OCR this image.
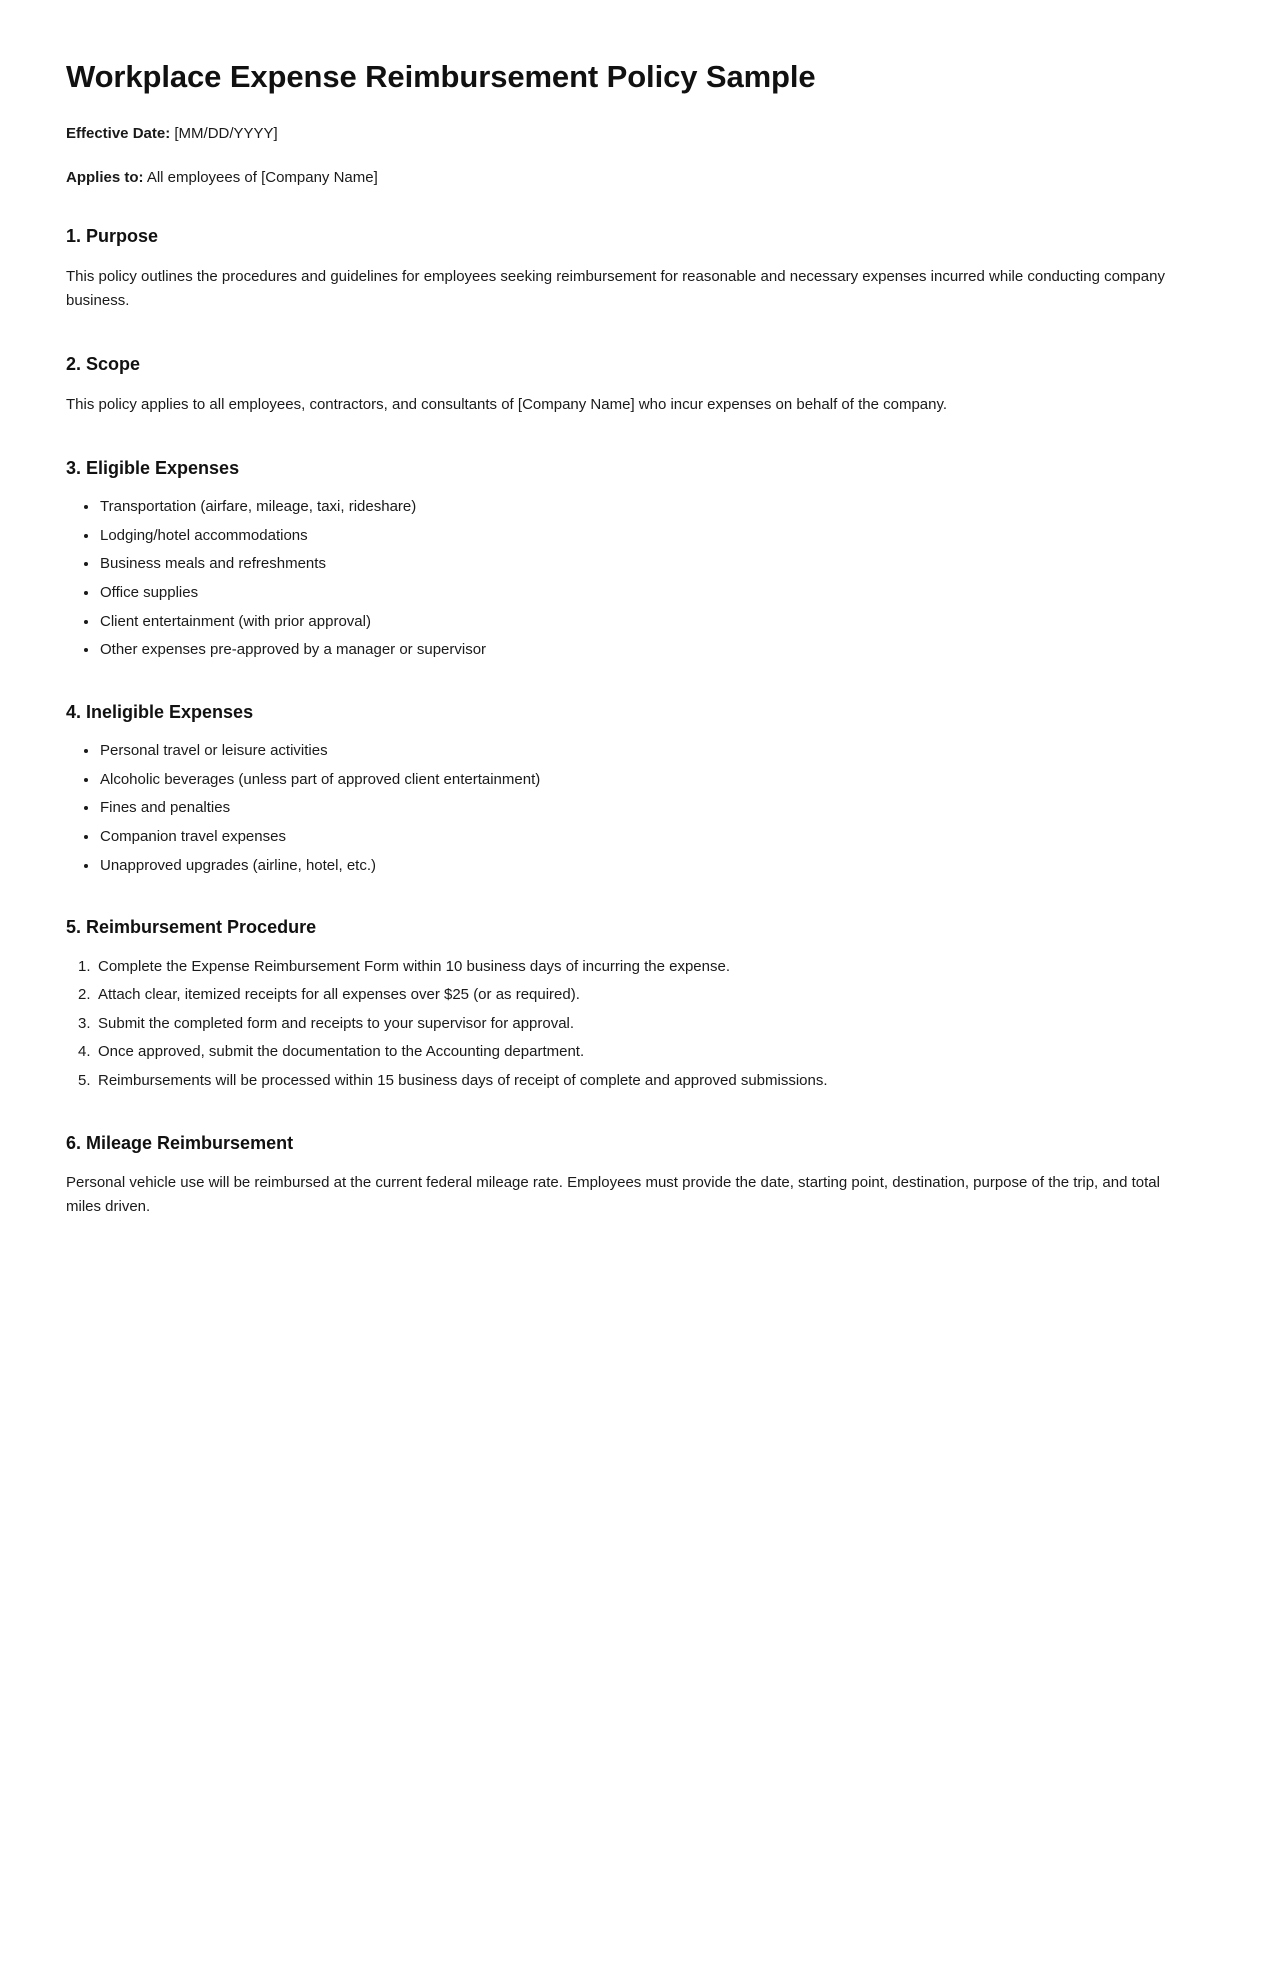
Workplace Expense Reimbursement Policy Sample

Effective Date: [MM/DD/YYYY]

Applies to: All employees of [Company Name]

1. Purpose

This policy outlines the procedures and guidelines for employees seeking reimbursement for reasonable and necessary expenses incurred while conducting company business.

2. Scope

This policy applies to all employees, contractors, and consultants of [Company Name] who incur expenses on behalf of the company.

3. Eligible Expenses
Transportation (airfare, mileage, taxi, rideshare)
Lodging/hotel accommodations
Business meals and refreshments
Office supplies
Client entertainment (with prior approval)
Other expenses pre-approved by a manager or supervisor
4. Ineligible Expenses
Personal travel or leisure activities
Alcoholic beverages (unless part of approved client entertainment)
Fines and penalties
Companion travel expenses
Unapproved upgrades (airline, hotel, etc.)
5. Reimbursement Procedure
Complete the Expense Reimbursement Form within 10 business days of incurring the expense.
Attach clear, itemized receipts for all expenses over $25 (or as required).
Submit the completed form and receipts to your supervisor for approval.
Once approved, submit the documentation to the Accounting department.
Reimbursements will be processed within 15 business days of receipt of complete and approved submissions.
6. Mileage Reimbursement

Personal vehicle use will be reimbursed at the current federal mileage rate. Employees must provide the date, starting point, destination, purpose of the trip, and total miles driven.
